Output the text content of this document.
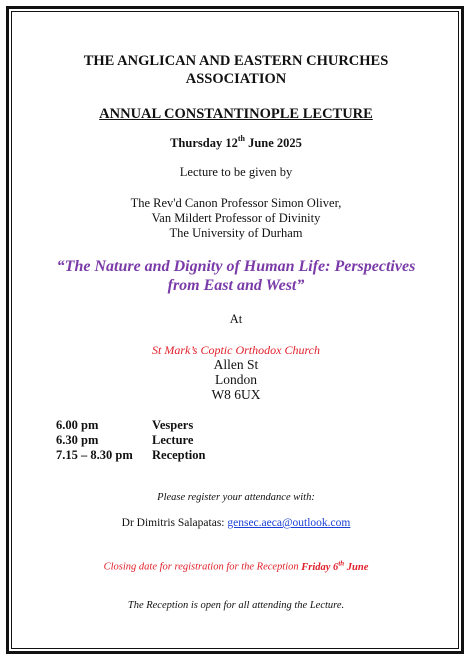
THE ANGLICAN AND EASTERN CHURCHES
ASSOCIATION
ANNUAL CONSTANTINOPLE LECTURE
Thursday 12th June 2025
Lecture to be given by
The Rev'd Canon Professor Simon Oliver,
Van Mildert Professor of Divinity
The University of Durham
“The Nature and Dignity of Human Life: Perspectives
from East and West”
At
St Mark’s Coptic Orthodox Church
Allen St
London
W8 6UX
6.00 pm	Vespers
6.30 pm	Lecture
7.15 – 8.30 pm Reception
Please register your attendance with:
Dr Dimitris Salapatas: gensec.aeca@outlook.com
Closing date for registration for the Reception Friday 6th June
The Reception is open for all attending the Lecture.
